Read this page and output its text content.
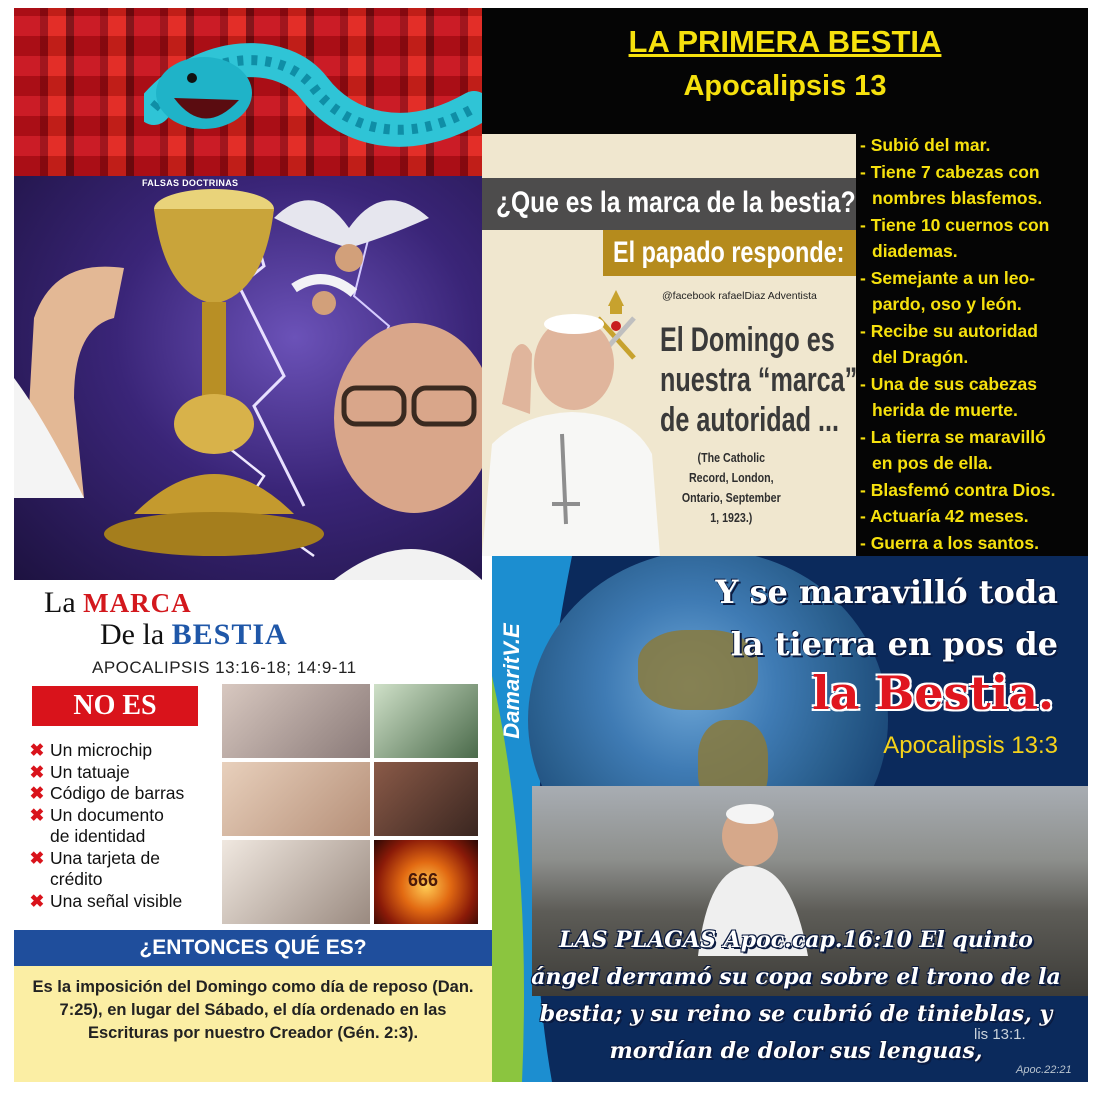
FALSAS DOCTRINAS
LA PRIMERA BESTIA
Apocalipsis 13
¿Que es la marca de la bestia?
El papado responde:
@facebook rafaelDiaz Adventista
El Domingo es
nuestra “marca”
de autoridad ...
(The Catholic Record, London,
Ontario, September 1, 1923.)
- Subió del mar.
- Tiene 7 cabezas con
nombres blasfemos.
- Tiene 10 cuernos con
diademas.
- Semejante a un leo-
pardo, oso y león.
- Recibe su autoridad
del Dragón.
- Una de sus cabezas
herida de muerte.
- La tierra se maravilló
en pos de ella.
- Blasfemó contra Dios.
- Actuaría 42 meses.
- Guerra a los santos.
La MARCA
De la BESTIA
APOCALIPSIS 13:16-18; 14:9-11
NO ES
✖ Un microchip
✖ Un tatuaje
✖ Código de barras
✖ Un documento
de identidad
✖ Una tarjeta de
crédito
✖ Una señal visible
666
¿ENTONCES QUÉ ES?
Es la imposición del Domingo como día de reposo (Dan. 7:25), en lugar del Sábado, el día ordenado en las Escrituras por nuestro Creador (Gén. 2:3).
DamaritV.E
Y se maravilló toda
la tierra en pos de
la Bestia.
Apocalipsis 13:3
LAS PLAGAS Apoc.cap.16:10 El quinto ángel derramó su copa sobre el trono de la bestia; y su reino se cubrió de tinieblas, y mordían de dolor sus lenguas,
lis 13:1.
Apoc.22:21
